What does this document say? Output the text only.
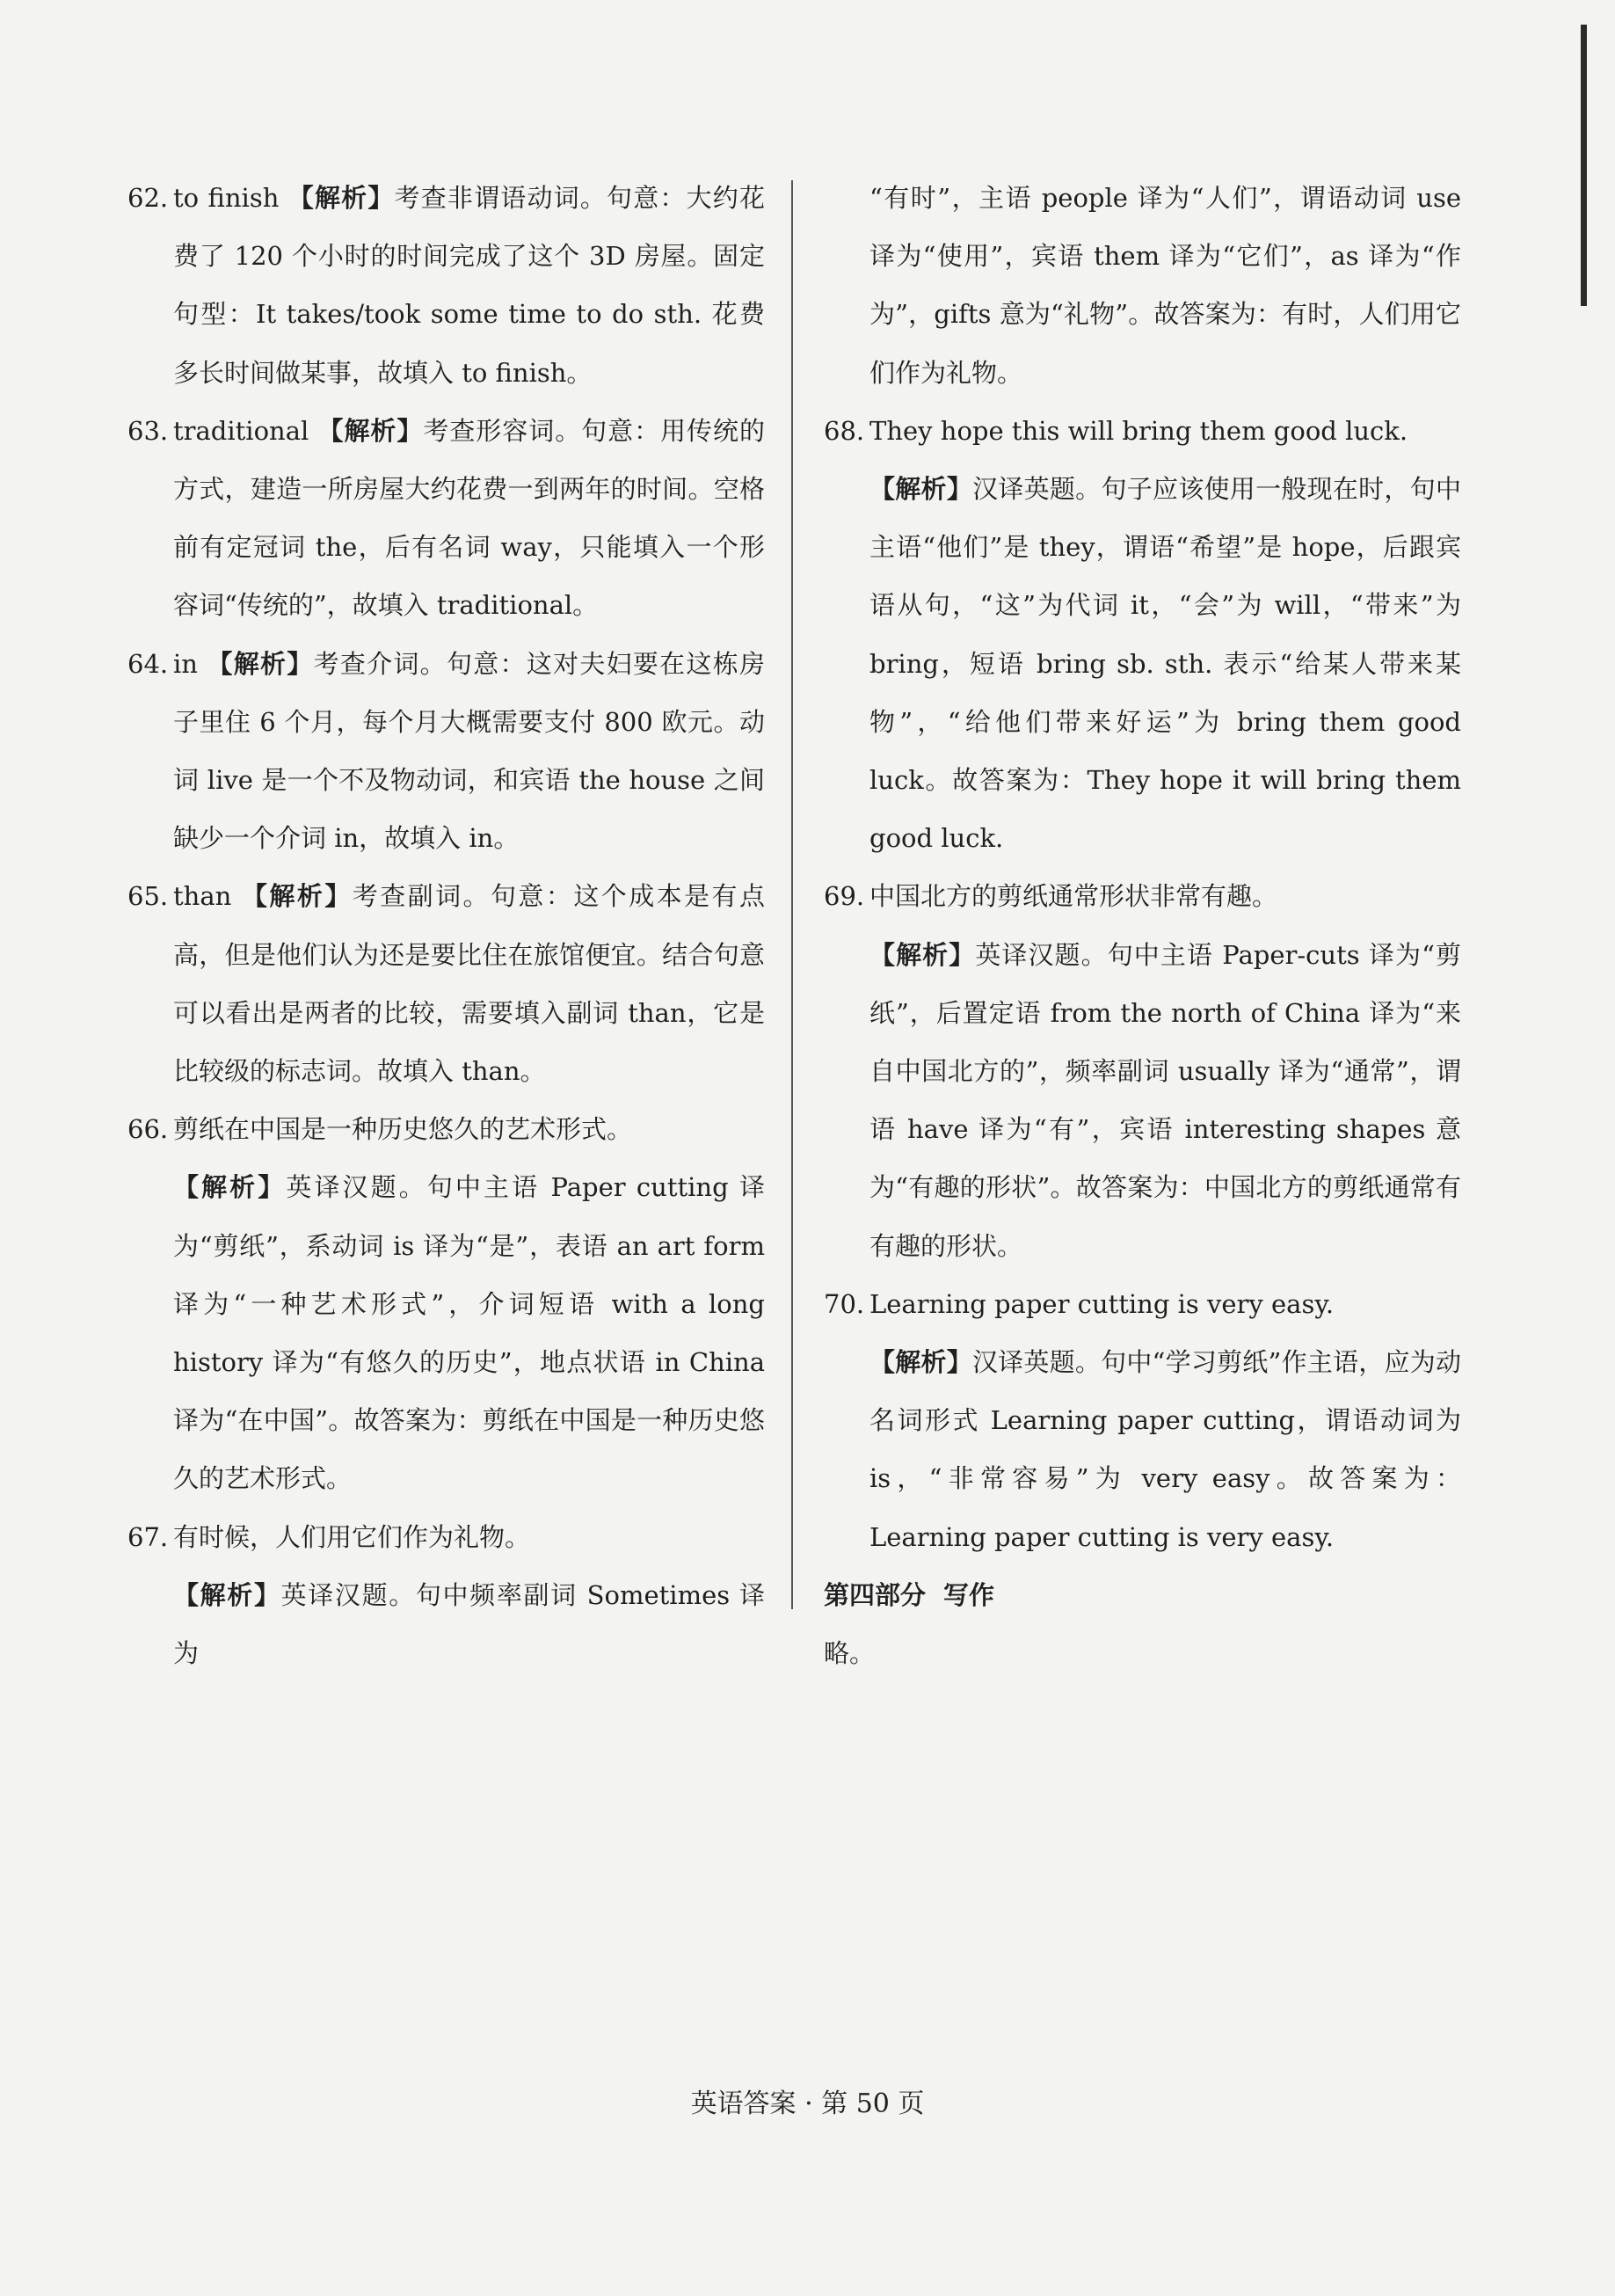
62. to finish 【解析】考查非谓语动词。句意：大约花费了 120 个小时的时间完成了这个 3D 房屋。固定句型：It takes/took some time to do sth. 花费多长时间做某事，故填入 to finish。
63. traditional 【解析】考查形容词。句意：用传统的方式，建造一所房屋大约花费一到两年的时间。空格前有定冠词 the，后有名词 way，只能填入一个形容词“传统的”，故填入 traditional。
64. in 【解析】考查介词。句意：这对夫妇要在这栋房子里住 6 个月，每个月大概需要支付 800 欧元。动词 live 是一个不及物动词，和宾语 the house 之间缺少一个介词 in，故填入 in。
65. than 【解析】考查副词。句意：这个成本是有点高，但是他们认为还是要比住在旅馆便宜。结合句意可以看出是两者的比较，需要填入副词 than，它是比较级的标志词。故填入 than。
66. 剪纸在中国是一种历史悠久的艺术形式。
【解析】英译汉题。句中主语 Paper cutting 译为“剪纸”，系动词 is 译为“是”，表语 an art form 译为“一种艺术形式”，介词短语 with a long history 译为“有悠久的历史”，地点状语 in China 译为“在中国”。故答案为：剪纸在中国是一种历史悠久的艺术形式。
67. 有时候，人们用它们作为礼物。
【解析】英译汉题。句中频率副词 Sometimes 译为
“有时”，主语 people 译为“人们”，谓语动词 use 译为“使用”，宾语 them 译为“它们”，as 译为“作为”，gifts 意为“礼物”。故答案为：有时，人们用它们作为礼物。
68. They hope this will bring them good luck.
【解析】汉译英题。句子应该使用一般现在时，句中主语“他们”是 they，谓语“希望”是 hope，后跟宾语从句，“这”为代词 it，“会”为 will，“带来”为 bring，短语 bring sb. sth. 表示“给某人带来某物”，“给他们带来好运”为 bring them good luck。故答案为：They hope it will bring them good luck.
69. 中国北方的剪纸通常形状非常有趣。
【解析】英译汉题。句中主语 Paper-cuts 译为“剪纸”，后置定语 from the north of China 译为“来自中国北方的”，频率副词 usually 译为“通常”，谓语 have 译为“有”，宾语 interesting shapes 意为“有趣的形状”。故答案为：中国北方的剪纸通常有有趣的形状。
70. Learning paper cutting is very easy.
【解析】汉译英题。句中“学习剪纸”作主语，应为动名词形式 Learning paper cutting，谓语动词为 is，“非常容易”为 very easy。故答案为：Learning paper cutting is very easy.
第四部分 写作
略。
英语答案 · 第 50 页
